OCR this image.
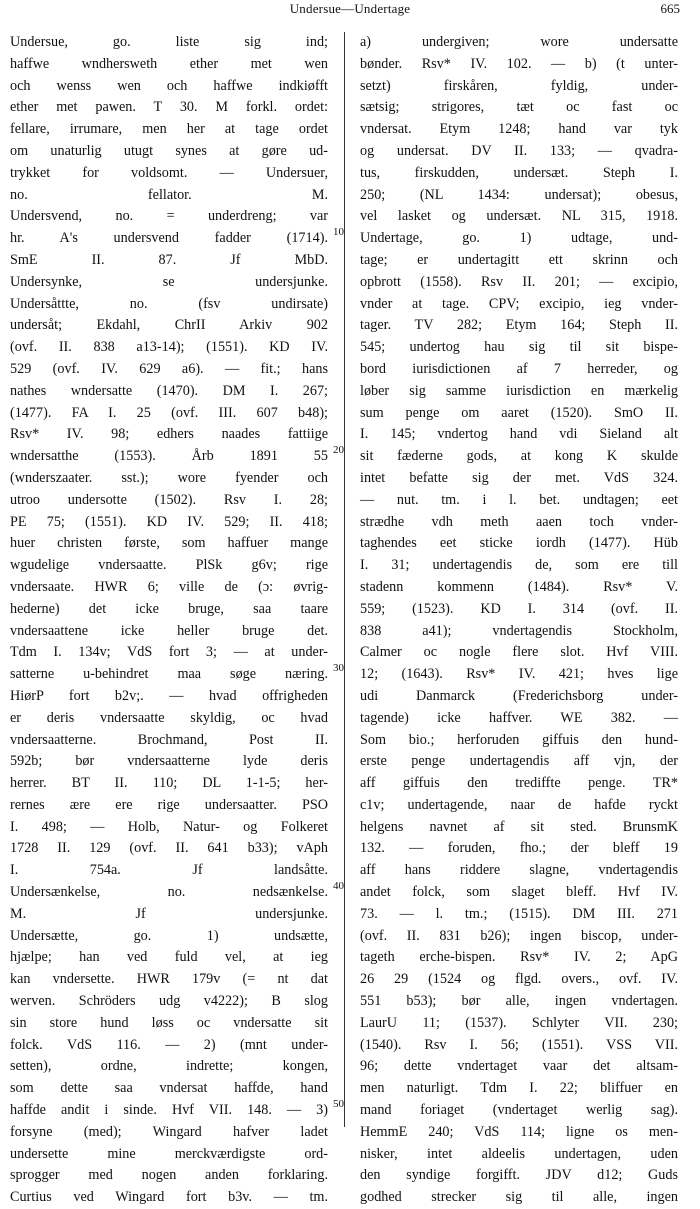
Undersue—Undertage	665
Undersue, go. liste sig ind;
haffwe wndhersweth ether met wen
och wenss wen och haffwe indkiøfft
ether met pawen. T 30. M forkl. ordet:
fellare, irrumare, men her at tage ordet
om unaturlig utugt synes at gøre ud-
trykket for voldsomt. — Undersuer,
no. fellator. M.
Undersvend, no. = underdreng; var
hr. A's undersvend fadder (1714).
SmE II. 87. Jf MbD.
Undersynke, se undersjunke.
Undersåttte, no. (fsv undirsate)
undersåt; Ekdahl, ChrII Arkiv 902
(ovf. II. 838 a13-14); (1551). KD IV.
529 (ovf. IV. 629 a6). — fit.; hans
nathes wndersatte (1470). DM I. 267;
(1477). FA I. 25 (ovf. III. 607 b48);
Rsv* IV. 98; edhers naades fattiige
wndersatthe (1553). Årb 1891 55
(wnderszaater. sst.); wore fyender och
utroo undersotte (1502). Rsv I. 28;
PE 75; (1551). KD IV. 529; II. 418;
huer christen første, som haffuer mange
wgudelige vndersaatte. PlSk g6v; rige
vndersaate. HWR 6; ville de (ɔ: øvrig-
hederne) det icke bruge, saa taare
vndersaattene icke heller bruge det.
Tdm I. 134v; VdS fort 3; — at under-
satterne u-behindret maa søge næring.
HiørP fort b2v;. — hvad offrigheden
er deris vndersaatte skyldig, oc hvad
vndersaatterne. Brochmand, Post II.
592b; bør vndersaatterne lyde deris
herrer. BT II. 110; DL 1-1-5; her-
rernes ære ere rige undersaatter. PSO
I. 498; — Holb, Natur- og Folkeret
1728 II. 129 (ovf. II. 641 b33); vAph
I. 754a. Jf landsåtte.
Undersænkelse, no. nedsænkelse.
M. Jf undersjunke.
Undersætte, go. 1) undsætte,
hjælpe; han ved fuld vel, at ieg
kan vndersette. HWR 179v (= nt dat
werven. Schröders udg v4222); B slog
sin store hund løss oc vndersatte sit
folck. VdS 116. — 2) (mnt under-
setten), ordne, indrette; kongen,
som dette saa vndersat haffde, hand
haffde andit i sinde. Hvf VII. 148. — 3)
forsyne (med); Wingard hafver ladet
undersette mine merckværdigste ord-
sprogger med nogen anden forklaring.
Curtius ved Wingard fort b3v. — tm.
a) undergiven; wore undersatte
bønder. Rsv* IV. 102. — b) (t unter-
setzt) firskåren, fyldig, under-
sætsig; strigores, tæt oc fast oc
vndersat. Etym 1248; hand var tyk
og undersat. DV II. 133; — qvadra-
tus, firskudden, undersæt. Steph I.
250; (NL 1434: undersat); obesus,
vel lasket og undersæt. NL 315, 1918.
Undertage, go. 1) udtage, und-
tage; er undertagitt ett skrinn och
opbrott (1558). Rsv II. 201; — excipio,
vnder at tage. CPV; excipio, ieg vnder-
tager. TV 282; Etym 164; Steph II.
545; undertog hau sig til sit bispe-
bord iurisdictionen af 7 herreder, og
løber sig samme iurisdiction en mærkelig
sum penge om aaret (1520). SmO II.
I. 145; vndertog hand vdi Sieland alt
sit fæderne gods, at kong K skulde
intet befatte sig der met. VdS 324.
— nut. tm. i l. bet. undtagen; eet
strædhe vdh meth aaen toch vnder-
taghendes eet sticke iordh (1477). Hüb
I. 31; undertagendis de, som ere till
stadenn kommenn (1484). Rsv* V.
559; (1523). KD I. 314 (ovf. II.
838 a41); vndertagendis Stockholm,
Calmer oc nogle flere slot. Hvf VIII.
12; (1643). Rsv* IV. 421; hves lige
udi Danmarck (Frederichsborg under-
tagende) icke haffver. WE 382. —
Som bio.; herforuden giffuis den hund-
erste penge undertagendis aff vjn, der
aff giffuis den trediffte penge. TR*
c1v; undertagende, naar de hafde ryckt
helgens navnet af sit sted. BrunsmK
132. — foruden, fho.; der bleff 19
aff hans riddere slagne, vndertagendis
andet folck, som slaget bleff. Hvf IV.
73. — l. tm.; (1515). DM III. 271
(ovf. II. 831 b26); ingen biscop, under-
tageth erche-bispen. Rsv* IV. 2; ApG
26 29 (1524 og flgd. overs., ovf. IV.
551 b53); bør alle, ingen vndertagen.
LaurU 11; (1537). Schlyter VII. 230;
(1540). Rsv I. 56; (1551). VSS VII.
96; dette vndertaget vaar det altsam-
men naturligt. Tdm I. 22; bliffuer en
mand foriaget (vndertaget werlig sag).
HemmE 240; VdS 114; ligne os men-
nisker, intet aldeelis undertagen, uden
den syndige forgifft. JDV d12; Guds
godhed strecker sig til alle, ingen
10
20
30
40
50
